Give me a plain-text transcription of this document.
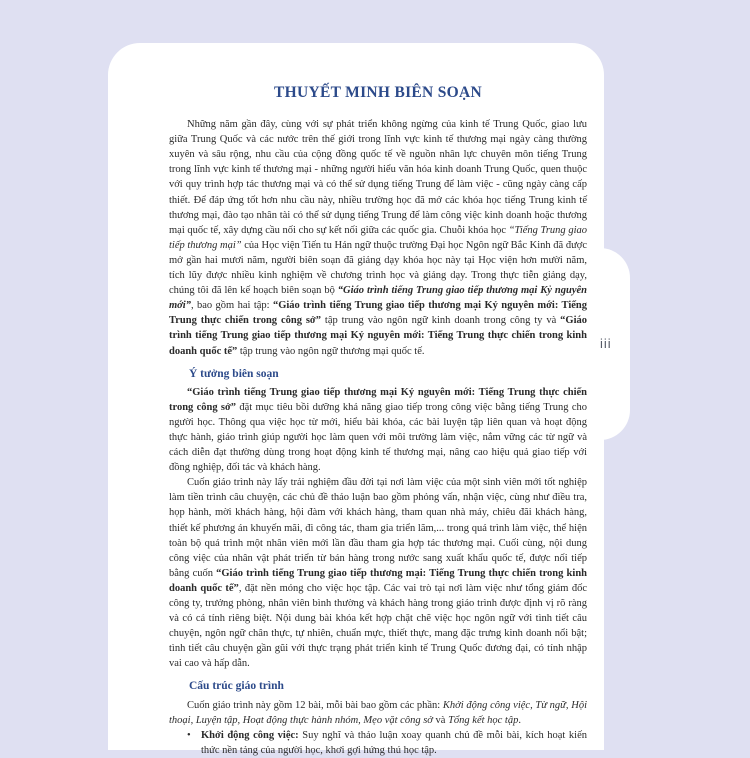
iii
THUYẾT MINH BIÊN SOẠN

Những năm gần đây, cùng với sự phát triển không ngừng của kinh tế Trung Quốc, giao lưu giữa Trung Quốc và các nước trên thế giới trong lĩnh vực kinh tế thương mại ngày càng thường xuyên và sâu rộng, nhu cầu của cộng đồng quốc tế về nguồn nhân lực chuyên môn tiếng Trung trong lĩnh vực kinh tế thương mại - những người hiểu văn hóa kinh doanh Trung Quốc, quen thuộc với quy trình hợp tác thương mại và có thể sử dụng tiếng Trung để làm việc - cũng ngày càng cấp thiết. Để đáp ứng tốt hơn nhu cầu này, nhiều trường học đã mở các khóa học tiếng Trung kinh tế thương mại, đào tạo nhân tài có thể sử dụng tiếng Trung để làm công việc kinh doanh hoặc thương mại quốc tế, xây dựng cầu nối cho sự kết nối giữa các quốc gia. Chuỗi khóa học “Tiếng Trung giao tiếp thương mại” của Học viện Tiến tu Hán ngữ thuộc trường Đại học Ngôn ngữ Bắc Kinh đã được mở gần hai mươi năm, người biên soạn đã giảng dạy khóa học này tại Học viện hơn mười năm, tích lũy được nhiều kinh nghiệm về chương trình học và giảng dạy. Trong thực tiễn giảng dạy, chúng tôi đã lên kế hoạch biên soạn bộ “Giáo trình tiếng Trung giao tiếp thương mại Kỷ nguyên mới”, bao gồm hai tập: “Giáo trình tiếng Trung giao tiếp thương mại Kỷ nguyên mới: Tiếng Trung thực chiến trong công sở” tập trung vào ngôn ngữ kinh doanh trong công ty và “Giáo trình tiếng Trung giao tiếp thương mại Kỷ nguyên mới: Tiếng Trung thực chiến trong kinh doanh quốc tế” tập trung vào ngôn ngữ thương mại quốc tế.

Ý tưởng biên soạn

“Giáo trình tiếng Trung giao tiếp thương mại Kỷ nguyên mới: Tiếng Trung thực chiến trong công sở” đặt mục tiêu bồi dưỡng khả năng giao tiếp trong công việc bằng tiếng Trung cho người học. Thông qua việc học từ mới, hiểu bài khóa, các bài luyện tập liên quan và hoạt động thực hành, giáo trình giúp người học làm quen với môi trường làm việc, nắm vững các từ ngữ và cách diễn đạt thường dùng trong hoạt động kinh tế thương mại, nâng cao hiệu quả giao tiếp với đồng nghiệp, đối tác và khách hàng.

Cuốn giáo trình này lấy trải nghiệm đầu đời tại nơi làm việc của một sinh viên mới tốt nghiệp làm tiền trình câu chuyện, các chủ đề thảo luận bao gồm phỏng vấn, nhận việc, cùng như điều tra, họp hành, mời khách hàng, hội đàm với khách hàng, tham quan nhà máy, chiêu đãi khách hàng, thiết kế phương án khuyến mãi, đi công tác, tham gia triển lãm,... trong quá trình làm việc, thể hiện toàn bộ quá trình một nhân viên mới lần đầu tham gia hợp tác thương mại. Cuối cùng, nội dung công việc của nhân vật phát triển từ bán hàng trong nước sang xuất khẩu quốc tế, được nối tiếp bằng cuốn “Giáo trình tiếng Trung giao tiếp thương mại: Tiếng Trung thực chiến trong kinh doanh quốc tế”, đặt nền móng cho việc học tập. Các vai trò tại nơi làm việc như tổng giám đốc công ty, trưởng phòng, nhân viên bình thường và khách hàng trong giáo trình được định vị rõ ràng và có cá tính riêng biệt. Nội dung bài khóa kết hợp chặt chẽ việc học ngôn ngữ với tình tiết câu chuyện, ngôn ngữ chân thực, tự nhiên, chuẩn mực, thiết thực, mang đặc trưng kinh doanh nổi bật; tình tiết câu chuyện gần gũi với thực trạng phát triển kinh tế Trung Quốc đương đại, có tính nhập vai cao và hấp dẫn.

Cấu trúc giáo trình

Cuốn giáo trình này gồm 12 bài, mỗi bài bao gồm các phần: Khởi động công việc, Từ ngữ, Hội thoại, Luyện tập, Hoạt động thực hành nhóm, Mẹo vặt công sở và Tổng kết học tập.

• Khởi động công việc: Suy nghĩ và thảo luận xoay quanh chủ đề mỗi bài, kích hoạt kiến thức nền tảng của người học, khơi gợi hứng thú học tập.
